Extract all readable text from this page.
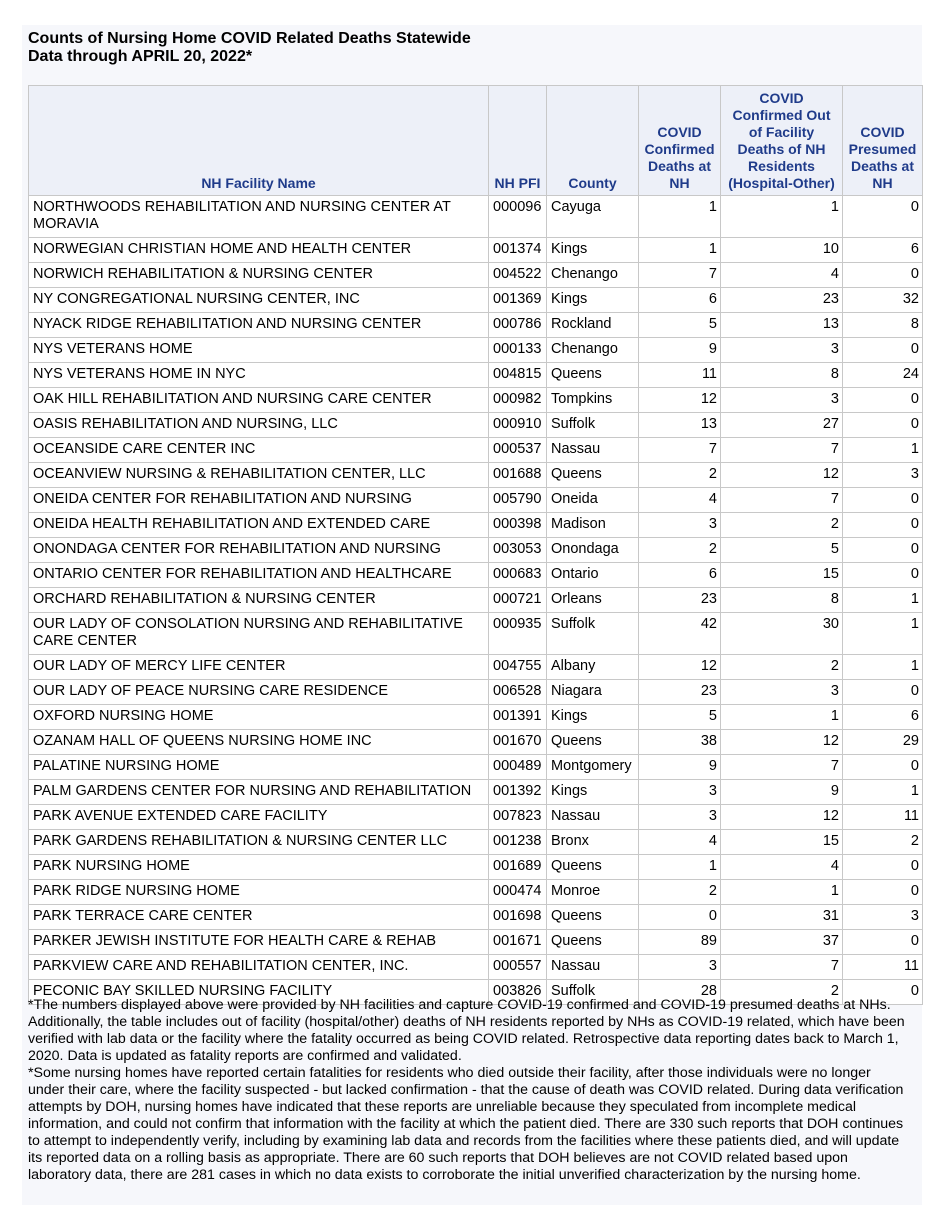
Counts of Nursing Home COVID Related Deaths Statewide
Data through APRIL 20, 2022*
NH Facility Name	NH PFI	County	COVID Confirmed Deaths at NH	COVID Confirmed Out of Facility Deaths of NH Residents (Hospital-Other)	COVID Presumed Deaths at NH
NORTHWOODS REHABILITATION AND NURSING CENTER AT MORAVIA	000096	Cayuga	1	1	0
NORWEGIAN CHRISTIAN HOME AND HEALTH CENTER	001374	Kings	1	10	6
NORWICH REHABILITATION & NURSING CENTER	004522	Chenango	7	4	0
NY CONGREGATIONAL NURSING CENTER, INC	001369	Kings	6	23	32
NYACK RIDGE REHABILITATION AND NURSING CENTER	000786	Rockland	5	13	8
NYS VETERANS HOME	000133	Chenango	9	3	0
NYS VETERANS HOME IN NYC	004815	Queens	11	8	24
OAK HILL REHABILITATION AND NURSING CARE CENTER	000982	Tompkins	12	3	0
OASIS REHABILITATION AND NURSING, LLC	000910	Suffolk	13	27	0
OCEANSIDE CARE CENTER INC	000537	Nassau	7	7	1
OCEANVIEW NURSING & REHABILITATION CENTER, LLC	001688	Queens	2	12	3
ONEIDA CENTER FOR REHABILITATION AND NURSING	005790	Oneida	4	7	0
ONEIDA HEALTH REHABILITATION AND EXTENDED CARE	000398	Madison	3	2	0
ONONDAGA CENTER FOR REHABILITATION AND NURSING	003053	Onondaga	2	5	0
ONTARIO CENTER FOR REHABILITATION AND HEALTHCARE	000683	Ontario	6	15	0
ORCHARD REHABILITATION & NURSING CENTER	000721	Orleans	23	8	1
OUR LADY OF CONSOLATION NURSING AND REHABILITATIVE CARE CENTER	000935	Suffolk	42	30	1
OUR LADY OF MERCY LIFE CENTER	004755	Albany	12	2	1
OUR LADY OF PEACE NURSING CARE RESIDENCE	006528	Niagara	23	3	0
OXFORD NURSING HOME	001391	Kings	5	1	6
OZANAM HALL OF QUEENS NURSING HOME INC	001670	Queens	38	12	29
PALATINE NURSING HOME	000489	Montgomery	9	7	0
PALM GARDENS CENTER FOR NURSING AND REHABILITATION	001392	Kings	3	9	1
PARK AVENUE EXTENDED CARE FACILITY	007823	Nassau	3	12	11
PARK GARDENS REHABILITATION & NURSING CENTER LLC	001238	Bronx	4	15	2
PARK NURSING HOME	001689	Queens	1	4	0
PARK RIDGE NURSING HOME	000474	Monroe	2	1	0
PARK TERRACE CARE CENTER	001698	Queens	0	31	3
PARKER JEWISH INSTITUTE FOR HEALTH CARE & REHAB	001671	Queens	89	37	0
PARKVIEW CARE AND REHABILITATION CENTER, INC.	000557	Nassau	3	7	11
PECONIC BAY SKILLED NURSING FACILITY	003826	Suffolk	28	2	0

*The numbers displayed above were provided by NH facilities and capture COVID-19 confirmed and COVID-19 presumed deaths at NHs. Additionally, the table includes out of facility (hospital/other) deaths of NH residents reported by NHs as COVID-19 related, which have been verified with lab data or the facility where the fatality occurred as being COVID related. Retrospective data reporting dates back to March 1, 2020. Data is updated as fatality reports are confirmed and validated.

*Some nursing homes have reported certain fatalities for residents who died outside their facility, after those individuals were no longer under their care, where the facility suspected - but lacked confirmation - that the cause of death was COVID related. During data verification attempts by DOH, nursing homes have indicated that these reports are unreliable because they speculated from incomplete medical information, and could not confirm that information with the facility at which the patient died. There are 330 such reports that DOH continues to attempt to independently verify, including by examining lab data and records from the facilities where these patients died, and will update its reported data on a rolling basis as appropriate. There are 60 such reports that DOH believes are not COVID related based upon laboratory data, there are 281 cases in which no data exists to corroborate the initial unverified characterization by the nursing home.
